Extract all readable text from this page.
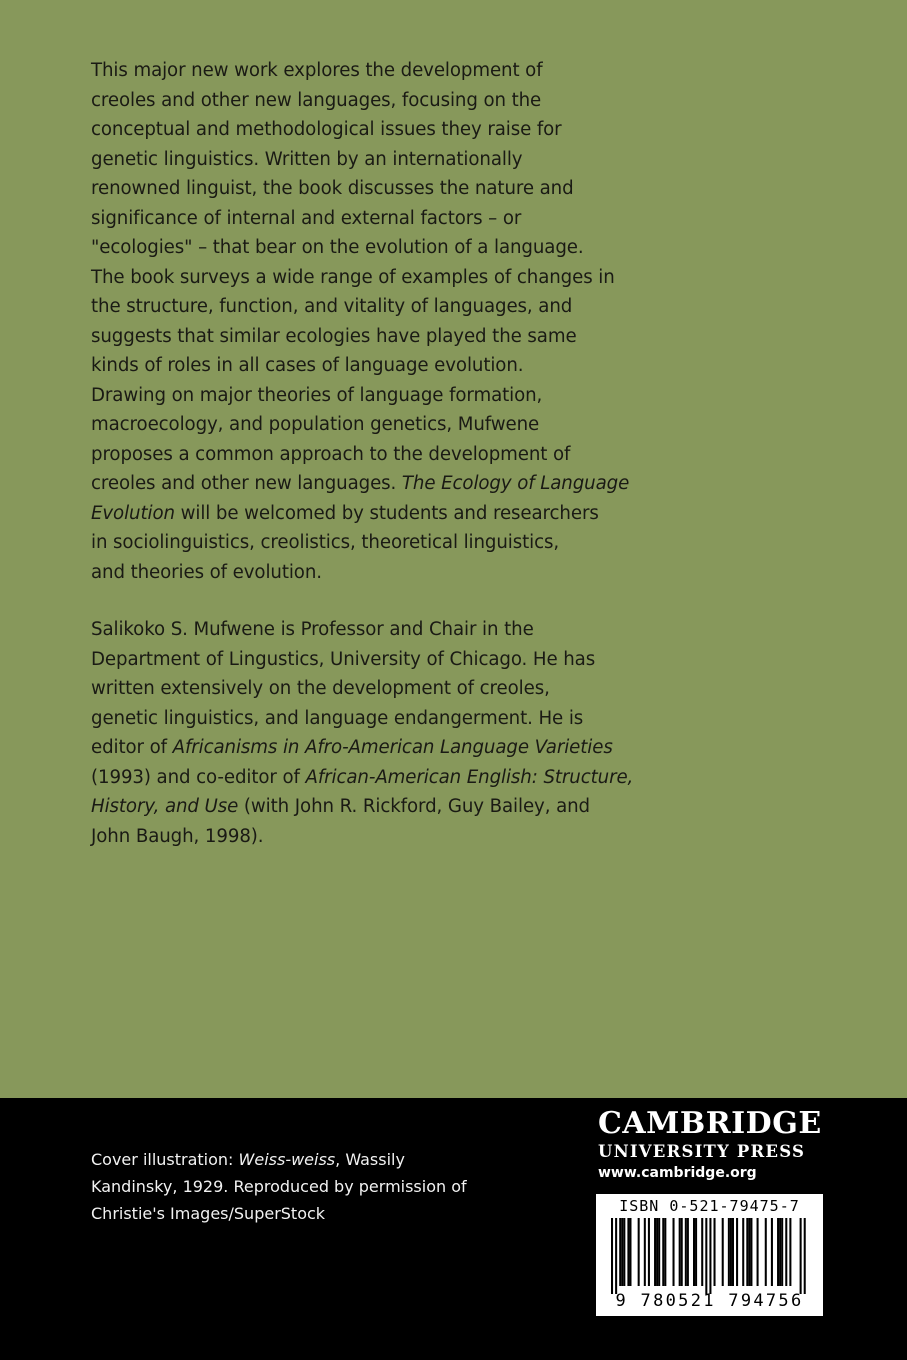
This major new work explores the development of
creoles and other new languages, focusing on the
conceptual and methodological issues they raise for
genetic linguistics. Written by an internationally
renowned linguist, the book discusses the nature and
significance of internal and external factors – or
"ecologies" – that bear on the evolution of a language.
The book surveys a wide range of examples of changes in
the structure, function, and vitality of languages, and
suggests that similar ecologies have played the same
kinds of roles in all cases of language evolution.
Drawing on major theories of language formation,
macroecology, and population genetics, Mufwene
proposes a common approach to the development of
creoles and other new languages. The Ecology of Language
Evolution will be welcomed by students and researchers
in sociolinguistics, creolistics, theoretical linguistics,
and theories of evolution.

Salikoko S. Mufwene is Professor and Chair in the
Department of Lingustics, University of Chicago. He has
written extensively on the development of creoles,
genetic linguistics, and language endangerment. He is
editor of Africanisms in Afro-American Language Varieties
(1993) and co-editor of African-American English: Structure,
History, and Use (with John R. Rickford, Guy Bailey, and
John Baugh, 1998).

Cover illustration: Weiss-weiss, Wassily
Kandinsky, 1929. Reproduced by permission of
Christie's Images/SuperStock
CAMBRIDGE
UNIVERSITY PRESS
www.cambridge.org
ISBN 0-521-79475-7
9 780521 794756
